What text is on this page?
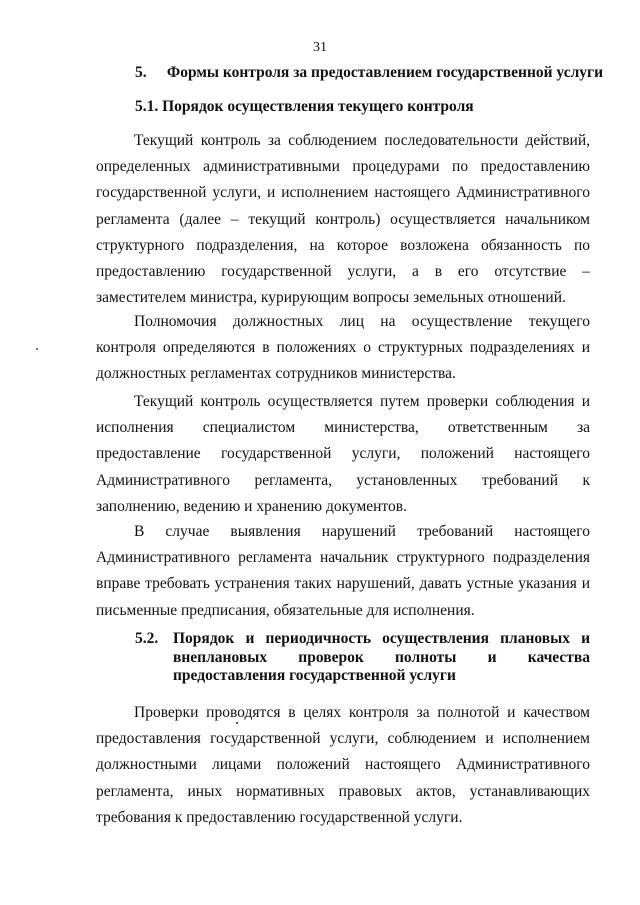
31
5. Формы контроля за предоставлением государственной услуги
5.1. Порядок осуществления текущего контроля

Текущий контроль за соблюдением последовательности действий, определенных административными процедурами по предоставлению государственной услуги, и исполнением настоящего Административного регламента (далее – текущий контроль) осуществляется начальником структурного подразделения, на которое возложена обязанность по предоставлению государственной услуги, а в его отсутствие – заместителем министра, курирующим вопросы земельных отношений.

Полномочия должностных лиц на осуществление текущего контроля определяются в положениях о структурных подразделениях и должностных регламентах сотрудников министерства.

Текущий контроль осуществляется путем проверки соблюдения и исполнения специалистом министерства, ответственным за предоставление государственной услуги, положений настоящего Административного регламента, установленных требований к заполнению, ведению и хранению документов.

В случае выявления нарушений требований настоящего Административного регламента начальник структурного подразделения вправе требовать устранения таких нарушений, давать устные указания и письменные предписания, обязательные для исполнения.

5.2. Порядок и периодичность осуществления плановых и внеплановых проверок полноты и качества предоставления государственной услуги

Проверки проводятся в целях контроля за полнотой и качеством предоставления государственной услуги, соблюдением и исполнением должностными лицами положений настоящего Административного регламента, иных нормативных правовых актов, устанавливающих требования к предоставлению государственной услуги.
